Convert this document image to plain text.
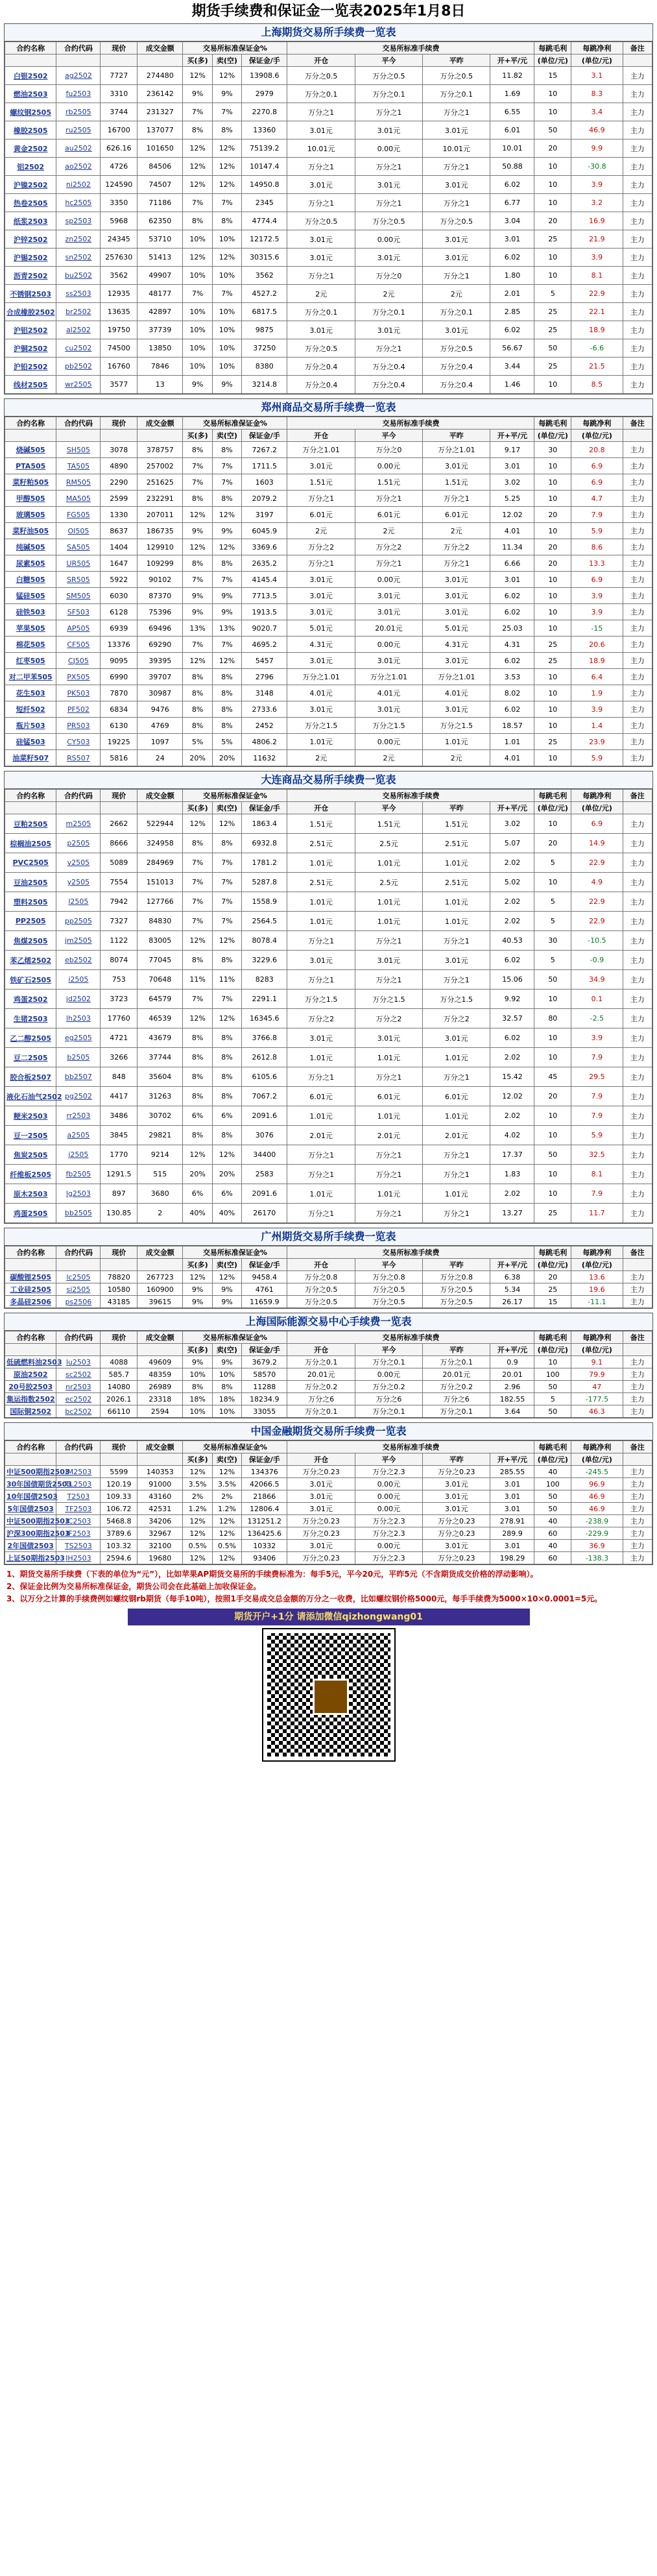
期货手续费和保证金一览表2025年1月8日
上海期货交易所手续费一览表
合约名称	合约代码	现价	成交金额	交易所标准保证金%			交易所标准手续费				每跳毛利	每跳净利	备注
				买(多)	卖(空)	保证金/手	开仓	平今	平昨	开+平/元	(单位/元)	(单位/元)	
白银2502	ag2502	7727	274480	12%	12%	13908.6	万分之0.5	万分之0.5	万分之0.5	11.82	15	3.1	主力
燃油2503	fu2503	3310	236142	9%	9%	2979	万分之0.1	万分之0.1	万分之0.1	1.69	10	8.3	主力
螺纹钢2505	rb2505	3744	231327	7%	7%	2270.8	万分之1	万分之1	万分之1	6.55	10	3.4	主力
橡胶2505	ru2505	16700	137077	8%	8%	13360	3.01元	3.01元	3.01元	6.01	50	46.9	主力
黄金2502	au2502	626.16	101650	12%	12%	75139.2	10.01元	0.00元	10.01元	10.01	20	9.9	主力
铝2502	ao2502	4726	84506	12%	12%	10147.4	万分之1	万分之1	万分之1	50.88	10	-30.8	主力
沪镍2502	ni2502	124590	74507	12%	12%	14950.8	3.01元	3.01元	3.01元	6.02	10	3.9	主力
热卷2505	hc2505	3350	71186	7%	7%	2345	万分之1	万分之1	万分之1	6.77	10	3.2	主力
纸浆2503	sp2503	5968	62350	8%	8%	4774.4	万分之0.5	万分之0.5	万分之0.5	3.04	20	16.9	主力
沪锌2502	zn2502	24345	53710	10%	10%	12172.5	3.01元	0.00元	3.01元	3.01	25	21.9	主力
沪锡2502	sn2502	257630	51413	12%	12%	30315.6	3.01元	3.01元	3.01元	6.02	10	3.9	主力
沥青2502	bu2502	3562	49907	10%	10%	3562	万分之1	万分之0	万分之1	1.80	10	8.1	主力
不锈钢2503	ss2503	12935	48177	7%	7%	4527.2	2元	2元	2元	2.01	5	22.9	主力
合成橡胶2502	br2502	13635	42897	10%	10%	6817.5	万分之0.1	万分之0.1	万分之0.1	2.85	25	22.1	主力
沪铝2502	al2502	19750	37739	10%	10%	9875	3.01元	3.01元	3.01元	6.02	25	18.9	主力
沪铜2502	cu2502	74500	13850	10%	10%	37250	万分之0.5	万分之1	万分之0.5	56.67	50	-6.6	主力
沪铅2502	pb2502	16760	7846	10%	10%	8380	万分之0.4	万分之0.4	万分之0.4	3.44	25	21.5	主力
线材2505	wr2505	3577	13	9%	9%	3214.8	万分之0.4	万分之0.4	万分之0.4	1.46	10	8.5	主力
郑州商品交易所手续费一览表
合约名称	合约代码	现价	成交金额	交易所标准保证金%			交易所标准手续费				每跳毛利	每跳净利	备注
				买(多)	卖(空)	保证金/手	开仓	平今	平昨	开+平/元	(单位/元)	(单位/元)	
烧碱505	SH505	3078	378757	8%	8%	7267.2	万分之1.01	万分之0	万分之1.01	9.17	30	20.8	主力
PTA505	TA505	4890	257002	7%	7%	1711.5	3.01元	0.00元	3.01元	3.01	10	6.9	主力
菜籽粕505	RM505	2290	251625	7%	7%	1603	1.51元	1.51元	1.51元	3.02	10	6.9	主力
甲醇505	MA505	2599	232291	8%	8%	2079.2	万分之1	万分之1	万分之1	5.25	10	4.7	主力
玻璃505	FG505	1330	207011	12%	12%	3197	6.01元	6.01元	6.01元	12.02	20	7.9	主力
菜籽油505	OI505	8637	186735	9%	9%	6045.9	2元	2元	2元	4.01	10	5.9	主力
纯碱505	SA505	1404	129910	12%	12%	3369.6	万分之2	万分之2	万分之2	11.34	20	8.6	主力
尿素505	UR505	1647	109299	8%	8%	2635.2	万分之1	万分之1	万分之1	6.66	20	13.3	主力
白糖505	SR505	5922	90102	7%	7%	4145.4	3.01元	0.00元	3.01元	3.01	10	6.9	主力
锰硅505	SM505	6030	87370	9%	9%	7713.5	3.01元	3.01元	3.01元	6.02	10	3.9	主力
硅铁503	SF503	6128	75396	9%	9%	1913.5	3.01元	3.01元	3.01元	6.02	10	3.9	主力
苹果505	AP505	6939	69496	13%	13%	9020.7	5.01元	20.01元	5.01元	25.03	10	-15	主力
棉花505	CF505	13376	69290	7%	7%	4695.2	4.31元	0.00元	4.31元	4.31	25	20.6	主力
红枣505	CJ505	9095	39395	12%	12%	5457	3.01元	3.01元	3.01元	6.02	25	18.9	主力
对二甲苯505	PX505	6990	39707	8%	8%	2796	万分之1.01	万分之1.01	万分之1.01	3.53	10	6.4	主力
花生503	PK503	7870	30987	8%	8%	3148	4.01元	4.01元	4.01元	8.02	10	1.9	主力
短纤502	PF502	6834	9476	8%	8%	2733.6	3.01元	3.01元	3.01元	6.02	10	3.9	主力
瓶片503	PR503	6130	4769	8%	8%	2452	万分之1.5	万分之1.5	万分之1.5	18.57	10	1.4	主力
硅锰503	CY503	19225	1097	5%	5%	4806.2	1.01元	0.00元	1.01元	1.01	25	23.9	主力
油菜籽507	RS507	5816	24	20%	20%	11632	2元	2元	2元	4.01	10	5.9	主力
大连商品交易所手续费一览表
合约名称	合约代码	现价	成交金额	交易所标准保证金%			交易所标准手续费				每跳毛利	每跳净利	备注
				买(多)	卖(空)	保证金/手	开仓	平今	平昨	开+平/元	(单位/元)	(单位/元)	
豆粕2505	m2505	2662	522944	12%	12%	1863.4	1.51元	1.51元	1.51元	3.02	10	6.9	主力
棕榈油2505	p2505	8666	324958	8%	8%	6932.8	2.51元	2.5元	2.51元	5.07	20	14.9	主力
PVC2505	v2505	5089	284969	7%	7%	1781.2	1.01元	1.01元	1.01元	2.02	5	22.9	主力
豆油2505	y2505	7554	151013	7%	7%	5287.8	2.51元	2.5元	2.51元	5.02	10	4.9	主力
塑料2505	l2505	7942	127766	7%	7%	1558.9	1.01元	1.01元	1.01元	2.02	5	22.9	主力
PP2505	pp2505	7327	84830	7%	7%	2564.5	1.01元	1.01元	1.01元	2.02	5	22.9	主力
焦煤2505	jm2505	1122	83005	12%	12%	8078.4	万分之1	万分之1	万分之1	40.53	30	-10.5	主力
苯乙烯2502	eb2502	8074	77045	8%	8%	3229.6	3.01元	3.01元	3.01元	6.02	5	-0.9	主力
铁矿石2505	i2505	753	70648	11%	11%	8283	万分之1	万分之1	万分之1	15.06	50	34.9	主力
鸡蛋2502	jd2502	3723	64579	7%	7%	2291.1	万分之1.5	万分之1.5	万分之1.5	9.92	10	0.1	主力
生猪2503	lh2503	17760	46539	12%	12%	16345.6	万分之2	万分之2	万分之2	32.57	80	-2.5	主力
乙二醇2505	eg2505	4721	43679	8%	8%	3766.8	3.01元	3.01元	3.01元	6.02	10	3.9	主力
豆二2505	b2505	3266	37744	8%	8%	2612.8	1.01元	1.01元	1.01元	2.02	10	7.9	主力
胶合板2507	bb2507	848	35604	8%	8%	6105.6	万分之1	万分之1	万分之1	15.42	45	29.5	主力
液化石油气2502	pg2502	4417	31263	8%	8%	7067.2	6.01元	6.01元	6.01元	12.02	20	7.9	主力
粳米2503	rr2503	3486	30702	6%	6%	2091.6	1.01元	1.01元	1.01元	2.02	10	7.9	主力
豆一2505	a2505	3845	29821	8%	8%	3076	2.01元	2.01元	2.01元	4.02	10	5.9	主力
焦炭2505	j2505	1770	9214	12%	12%	34400	万分之1	万分之1	万分之1	17.37	50	32.5	主力
纤维板2505	fb2505	1291.5	515	20%	20%	2583	万分之1	万分之1	万分之1	1.83	10	8.1	主力
原木2503	lg2503	897	3680	6%	6%	2091.6	1.01元	1.01元	1.01元	2.02	10	7.9	主力
鸡蛋2505	bb2505	130.85	2	40%	40%	26170	万分之1	万分之1	万分之1	13.27	25	11.7	主力
广州期货交易所手续费一览表
合约名称	合约代码	现价	成交金额	交易所标准保证金%			交易所标准手续费				每跳毛利	每跳净利	备注
				买(多)	卖(空)	保证金/手	开仓	平今	平昨	开+平/元	(单位/元)	(单位/元)	
碳酸锂2505	lc2505	78820	267723	12%	12%	9458.4	万分之0.8	万分之0.8	万分之0.8	6.38	20	13.6	主力
工业硅2505	si2505	10580	160900	9%	9%	4761	万分之0.5	万分之0.5	万分之0.5	5.34	25	19.6	主力
多晶硅2506	ps2506	43185	39615	9%	9%	11659.9	万分之0.5	万分之0.5	万分之0.5	26.17	15	-11.1	主力
上海国际能源交易中心手续费一览表
合约名称	合约代码	现价	成交金额	交易所标准保证金%			交易所标准手续费				每跳毛利	每跳净利	备注
				买(多)	卖(空)	保证金/手	开仓	平今	平昨	开+平/元	(单位/元)	(单位/元)	
低硫燃料油2503	lu2503	4088	49609	9%	9%	3679.2	万分之0.1	万分之0.1	万分之0.1	0.9	10	9.1	主力
原油2502	sc2502	585.7	48359	10%	10%	58570	20.01元	0.00元	20.01元	20.01	100	79.9	主力
20号胶2503	nr2503	14080	26989	8%	8%	11288	万分之0.2	万分之0.2	万分之0.2	2.96	50	47	主力
集运指数2502	ec2502	2026.1	23318	18%	18%	18234.9	万分之6	万分之6	万分之6	182.55	5	-177.5	主力
国际铜2502	bc2502	66110	2594	10%	10%	33055	万分之0.1	万分之0.1	万分之0.1	3.64	50	46.3	主力
中国金融期货交易所手续费一览表
合约名称	合约代码	现价	成交金额	交易所标准保证金%			交易所标准手续费				每跳毛利	每跳净利	备注
				买(多)	卖(空)	保证金/手	开仓	平今	平昨	开+平/元	(单位/元)	(单位/元)	
中证500期指2503	IM2503	5599	140353	12%	12%	134376	万分之0.23	万分之2.3	万分之0.23	285.55	40	-245.5	主力
30年国债期货2503	TL2503	120.19	91000	3.5%	3.5%	42066.5	3.01元	0.00元	3.01元	3.01	100	96.9	主力
10年国债2503	T2503	109.33	43160	2%	2%	21866	3.01元	0.00元	3.01元	3.01	50	46.9	主力
5年国债2503	TF2503	106.72	42531	1.2%	1.2%	12806.4	3.01元	0.00元	3.01元	3.01	50	46.9	主力
中证500期指2503	IC2503	5468.8	34206	12%	12%	131251.2	万分之0.23	万分之2.3	万分之0.23	278.91	40	-238.9	主力
沪深300期指2503	IF2503	3789.6	32967	12%	12%	136425.6	万分之0.23	万分之2.3	万分之0.23	289.9	60	-229.9	主力
2年国债2503	TS2503	103.32	32100	0.5%	0.5%	10332	3.01元	0.00元	3.01元	3.01	40	36.9	主力
上证50期指2503	IH2503	2594.6	19680	12%	12%	93406	万分之0.23	万分之2.3	万分之0.23	198.29	60	-138.3	主力
1、期货交易所手续费（下表的单位为“元”），比如苹果AP期货交易所的手续费标准为：每手5元，平今20元，平昨5元（不含期货成交价格的浮动影响）。
2、保证金比例为交易所标准保证金，期货公司会在此基础上加收保证金。
3、以万分之计算的手续费例如螺纹钢rb期货（每手10吨），按照1手交易成交总金额的万分之一收费，比如螺纹钢价格5000元，每手手续费为5000×10×0.0001=5元。
期货开户+1分 请添加微信qizhongwang01
